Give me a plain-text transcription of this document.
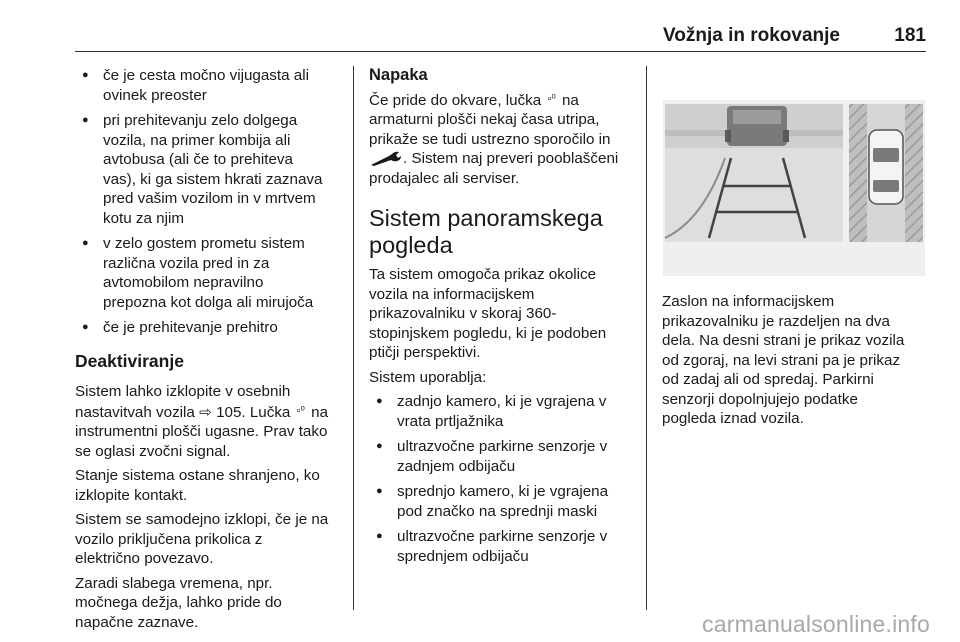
Vožnja in rokovanje	181
● če je cesta močno vijugasta ali
ovinek preoster
● pri prehitevanju zelo dolgega
vozila, na primer kombija ali
avtobusa (ali če to prehiteva
vas), ki ga sistem hkrati zaznava
pred vašim vozilom in v mrtvem
kotu za njim
● v zelo gostem prometu sistem
različna vozila pred in za
avtomobilom nepravilno
prepozna kot dolga ali mirujoča
● če je prehitevanje prehitro
Deaktiviranje

Sistem lahko izklopite v osebnih
nastavitvah vozila ⇨ 105. Lučka ▫⁰ na
instrumentni plošči ugasne. Prav tako
se oglasi zvočni signal.

Stanje sistema ostane shranjeno, ko
izklopite kontakt.

Sistem se samodejno izklopi, če je na
vozilo priključena prikolica z
električno povezavo.

Zaradi slabega vremena, npr.
močnega dežja, lahko pride do
napačne zaznave.

Napaka

Če pride do okvare, lučka ▫⁰ na
armaturni plošči nekaj časa utripa,
prikaže se tudi ustrezno sporočilo in
. Sistem naj preveri pooblaščeni
prodajalec ali serviser.

Sistem panoramskega
pogleda

Ta sistem omogoča prikaz okolice
vozila na informacijskem
prikazovalniku v skoraj 360-
stopinjskem pogledu, ki je podoben
ptičji perspektivi.

Sistem uporablja:

● zadnjo kamero, ki je vgrajena v
vrata prtljažnika
● ultrazvočne parkirne senzorje v
zadnjem odbijaču
● sprednjo kamero, ki je vgrajena
pod značko na sprednji maski
● ultrazvočne parkirne senzorje v
sprednjem odbijaču

Zaslon na informacijskem
prikazovalniku je razdeljen na dva
dela. Na desni strani je prikaz vozila
od zgoraj, na levi strani pa je prikaz
od zadaj ali od spredaj. Parkirni
senzorji dopolnjujejo podatke
pogleda iznad vozila.

carmanualsonline.info
